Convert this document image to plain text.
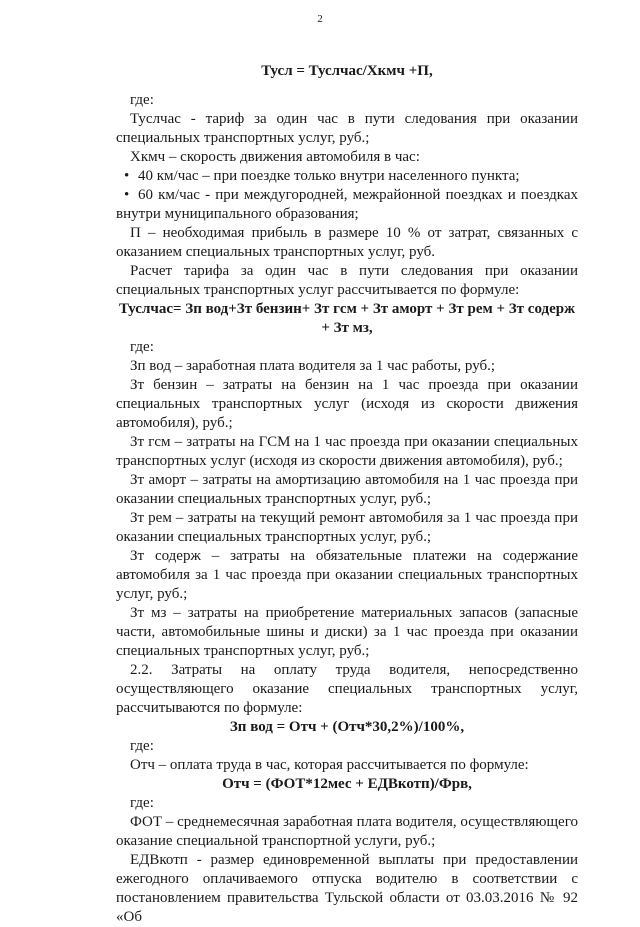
2

Тусл = Туслчас/Хкмч +П,

где:

Туслчас - тариф за один час в пути следования при оказании специальных транспортных услуг, руб.;

Хкмч – скорость движения автомобиля в час:

• 40 км/час – при поездке только внутри населенного пункта;

• 60 км/час - при междугородней, межрайонной поездках и поездках внутри муниципального образования;

П – необходимая прибыль в размере 10 % от затрат, связанных с оказанием специальных транспортных услуг, руб.

Расчет тарифа за один час в пути следования при оказании специальных транспортных услуг рассчитывается по формуле:

Туслчас= Зп вод+Зт бензин+ Зт гсм + Зт аморт + Зт рем + Зт содерж + Зт мз,

где:

Зп вод – заработная плата водителя за 1 час работы, руб.;

Зт бензин – затраты на бензин на 1 час проезда при оказании специальных транспортных услуг (исходя из скорости движения автомобиля), руб.;

Зт гсм – затраты на ГСМ на 1 час проезда при оказании специальных транспортных услуг (исходя из скорости движения автомобиля), руб.;

Зт аморт – затраты на амортизацию автомобиля на 1 час проезда при оказании специальных транспортных услуг, руб.;

Зт рем – затраты на текущий ремонт автомобиля за 1 час проезда при оказании специальных транспортных услуг, руб.;

Зт содерж – затраты на обязательные платежи на содержание автомобиля за 1 час проезда при оказании специальных транспортных услуг, руб.;

Зт мз – затраты на приобретение материальных запасов (запасные части, автомобильные шины и диски) за 1 час проезда при оказании специальных транспортных услуг, руб.;

2.2. Затраты на оплату труда водителя, непосредственно осуществляющего оказание специальных транспортных услуг, рассчитываются по формуле:

Зп вод = Отч + (Отч*30,2%)/100%,

где:

Отч – оплата труда в час, которая рассчитывается по формуле:

Отч = (ФОТ*12мес + ЕДВкотп)/Фрв,

где:

ФОТ – среднемесячная заработная плата водителя, осуществляющего оказание специальной транспортной услуги, руб.;

ЕДВкотп - размер единовременной выплаты при предоставлении ежегодного оплачиваемого отпуска водителю в соответствии с постановлением правительства Тульской области от 03.03.2016 № 92 «Об
